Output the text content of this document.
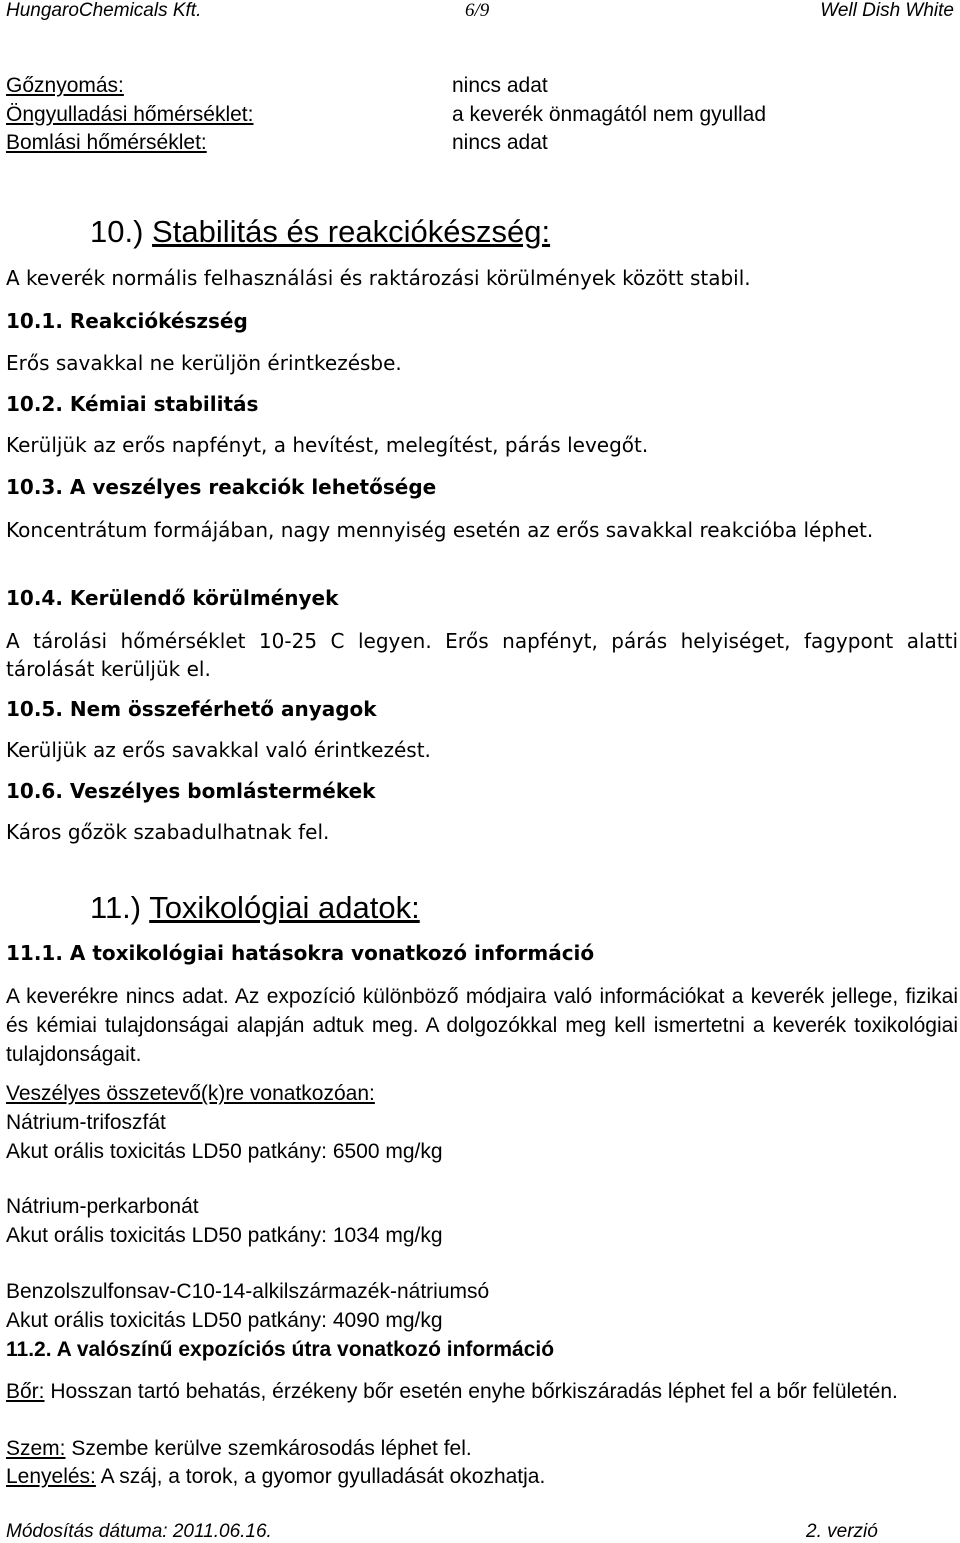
HungaroChemicals Kft.	6/9	Well Dish White
Gőznyomás:	nincs adat
Öngyulladási hőmérséklet:	a keverék önmagától nem gyullad
Bomlási hőmérséklet:	nincs adat
10.) Stabilitás és reakciókészség:
A keverék normális felhasználási és raktározási körülmények között stabil.
10.1. Reakciókészség
Erős savakkal ne kerüljön érintkezésbe.
10.2. Kémiai stabilitás
Kerüljük az erős napfényt, a hevítést, melegítést, párás levegőt.
10.3. A veszélyes reakciók lehetősége
Koncentrátum formájában, nagy mennyiség esetén az erős savakkal reakcióba léphet.
10.4. Kerülendő körülmények
A tárolási hőmérséklet 10-25 C legyen. Erős napfényt, párás helyiséget, fagypont alatti tárolását kerüljük el.
10.5. Nem összeférhető anyagok
Kerüljük az erős savakkal való érintkezést.
10.6. Veszélyes bomlástermékek
Káros gőzök szabadulhatnak fel.
11.) Toxikológiai adatok:
11.1. A toxikológiai hatásokra vonatkozó információ
A keverékre nincs adat. Az expozíció különböző módjaira való információkat a keverék jellege, fizikai és kémiai tulajdonságai alapján adtuk meg. A dolgozókkal meg kell ismertetni a keverék toxikológiai tulajdonságait.
Veszélyes összetevő(k)re vonatkozóan:
Nátrium-trifoszfát
Akut orális toxicitás LD50 patkány: 6500 mg/kg
Nátrium-perkarbonát
Akut orális toxicitás LD50 patkány: 1034 mg/kg
Benzolszulfonsav-C10-14-alkilszármazék-nátriumsó
Akut orális toxicitás LD50 patkány: 4090 mg/kg
11.2. A valószínű expozíciós útra vonatkozó információ
Bőr: Hosszan tartó behatás, érzékeny bőr esetén enyhe bőrkiszáradás léphet fel a bőr felületén.
Szem: Szembe kerülve szemkárosodás léphet fel.
Lenyelés: A száj, a torok, a gyomor gyulladását okozhatja.
Módosítás dátuma: 2011.06.16.	2. verzió
